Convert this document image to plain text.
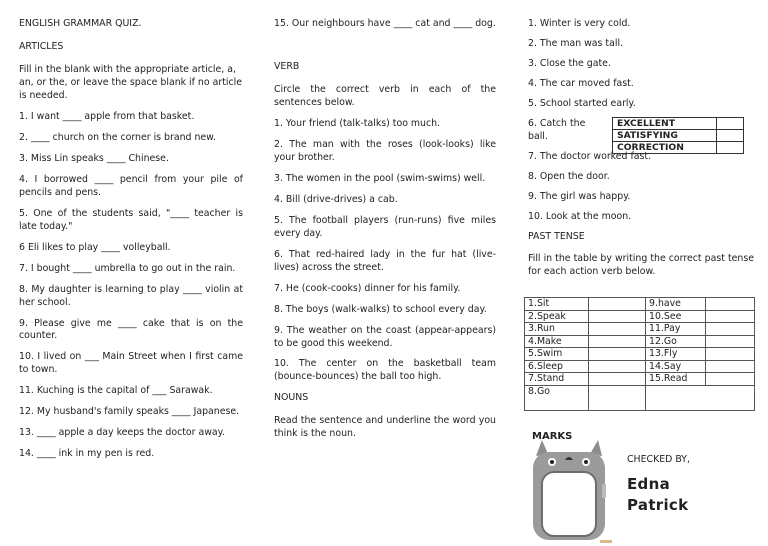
ENGLISH GRAMMAR QUIZ.
ARTICLES
Fill in the blank with the appropriate article, a, an, or the, or leave the space blank if no article is needed.
1. I want ____ apple from that basket.
2. ____ church on the corner is brand new.
3. Miss Lin speaks ____ Chinese.
4. I borrowed ____ pencil from your pile of pencils and pens.
5. One of the students said, "____ teacher is late today."
6 Eli likes to play ____ volleyball.
7. I bought ____ umbrella to go out in the rain.
8. My daughter is learning to play ____ violin at her school.
9. Please give me ____ cake that is on the counter.
10. I lived on ___ Main Street when I first came to town.
11. Kuching is the capital of ___ Sarawak.
12. My husband's family speaks ____ Japanese.
13. ____ apple a day keeps the doctor away.
14. ____ ink in my pen is red.
15. Our neighbours have ____ cat and ____ dog.
VERB
Circle the correct verb in each of the sentences below.
1. Your friend (talk-talks) too much.
2. The man with the roses (look-looks) like your brother.
3. The women in the pool (swim-swims) well.
4. Bill (drive-drives) a cab.
5. The football players (run-runs) five miles every day.
6. That red-haired lady in the fur hat (live-lives) across the street.
7. He (cook-cooks) dinner for his family.
8. The boys (walk-walks) to school every day.
9. The weather on the coast (appear-appears) to be good this weekend.
10. The center on the basketball team (bounce-bounces) the ball too high.
NOUNS
Read the sentence and underline the word you think is the noun.
1. Winter is very cold.
2. The man was tall.
3. Close the gate.
4. The car moved fast.
5. School started early.
6. Catch the ball.
7. The doctor worked fast.
8. Open the door.
9. The girl was happy.
10. Look at the moon.
PAST TENSE
Fill in the table by writing the correct past tense for each action verb below.
EXCELLENT	
SATISFYING	
CORRECTION	
1.Sit		9.have	
2.Speak		10.See	
3.Run		11.Pay	
4.Make		12.Go	
5.Swim		13.Fly	
6.Sleep		14.Say	
7.Stand		15.Read	
8.Go			
MARKS
CHECKED BY,
Edna Patrick
